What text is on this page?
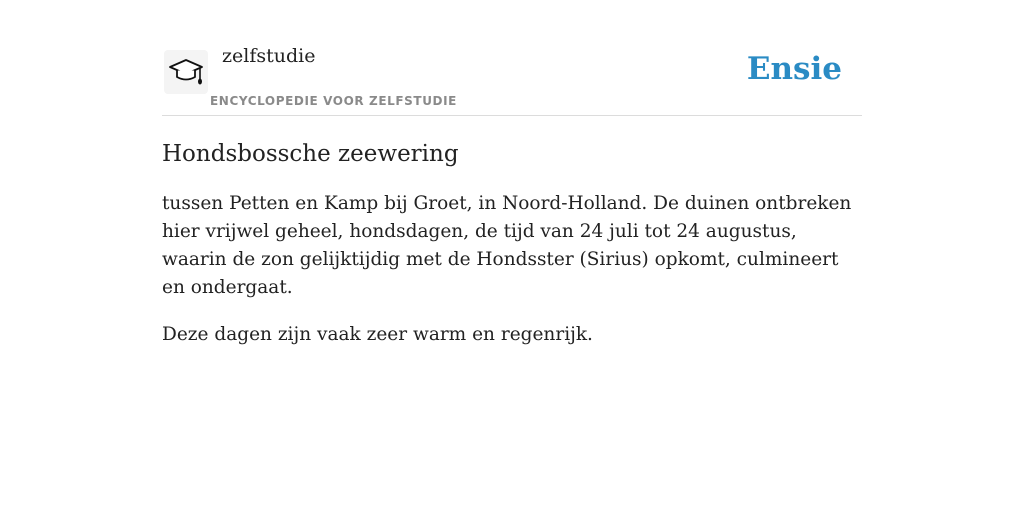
zelfstudie
ENCYCLOPEDIE VOOR ZELFSTUDIE
Ensie
Hondsbossche zeewering

tussen Petten en Kamp bij Groet, in Noord-Holland. De duinen ontbreken hier vrijwel geheel, hondsdagen, de tijd van 24 juli tot 24 augustus, waarin de zon gelijktijdig met de Hondsster (Sirius) opkomt, culmineert en ondergaat.

Deze dagen zijn vaak zeer warm en regenrijk.
